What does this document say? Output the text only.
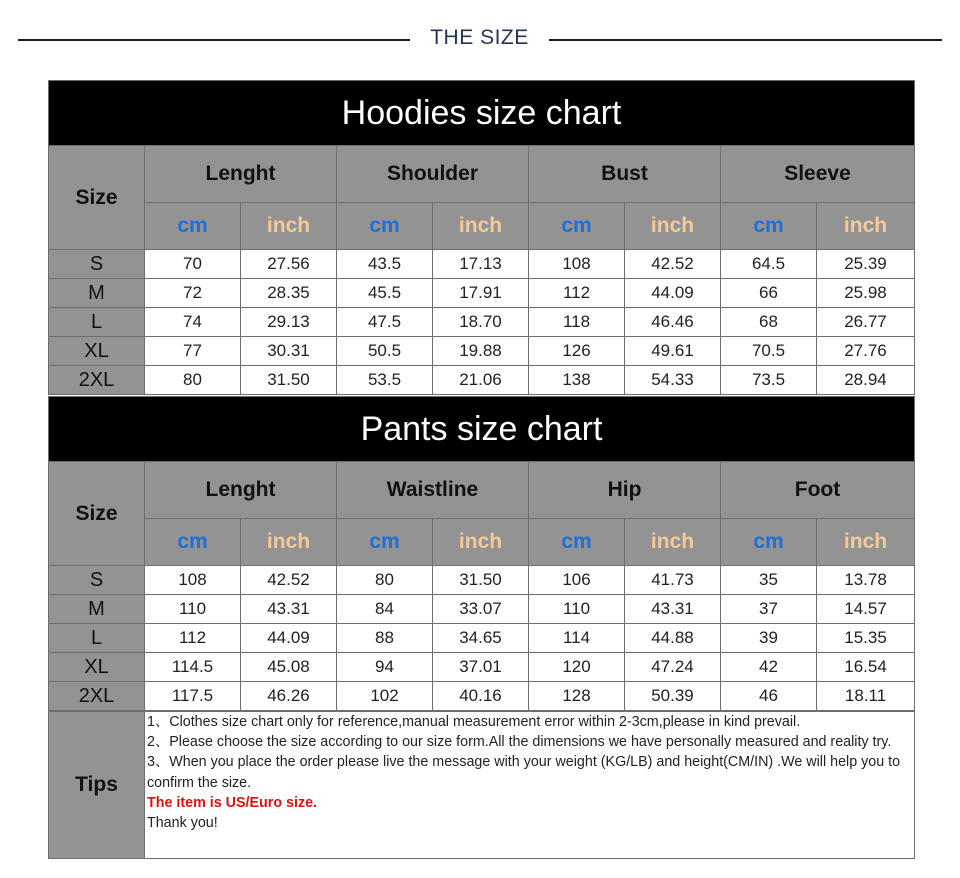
THE SIZE
Hoodies size chart								
Size	Lenght		Shoulder		Bust		Sleeve	
	cm	inch	cm	inch	cm	inch	cm	inch
S	70	27.56	43.5	17.13	108	42.52	64.5	25.39
M	72	28.35	45.5	17.91	112	44.09	66	25.98
L	74	29.13	47.5	18.70	118	46.46	68	26.77
XL	77	30.31	50.5	19.88	126	49.61	70.5	27.76
2XL	80	31.50	53.5	21.06	138	54.33	73.5	28.94
Pants size chart								
Size	Lenght		Waistline		Hip		Foot	
	cm	inch	cm	inch	cm	inch	cm	inch
S	108	42.52	80	31.50	106	41.73	35	13.78
M	110	43.31	84	33.07	110	43.31	37	14.57
L	112	44.09	88	34.65	114	44.88	39	15.35
XL	114.5	45.08	94	37.01	120	47.24	42	16.54
2XL	117.5	46.26	102	40.16	128	50.39	46	18.11
Tips	

1、Clothes size chart only for reference,manual measurement error within 2-3cm,please in kind prevail.

2、Please choose the size according to our size form.All the dimensions we have personally measured and reality try.

3、When you place the order please live the message with your weight (KG/LB) and height(CM/IN) .We will help you to confirm the size.

The item is US/Euro size.

Thank you!
